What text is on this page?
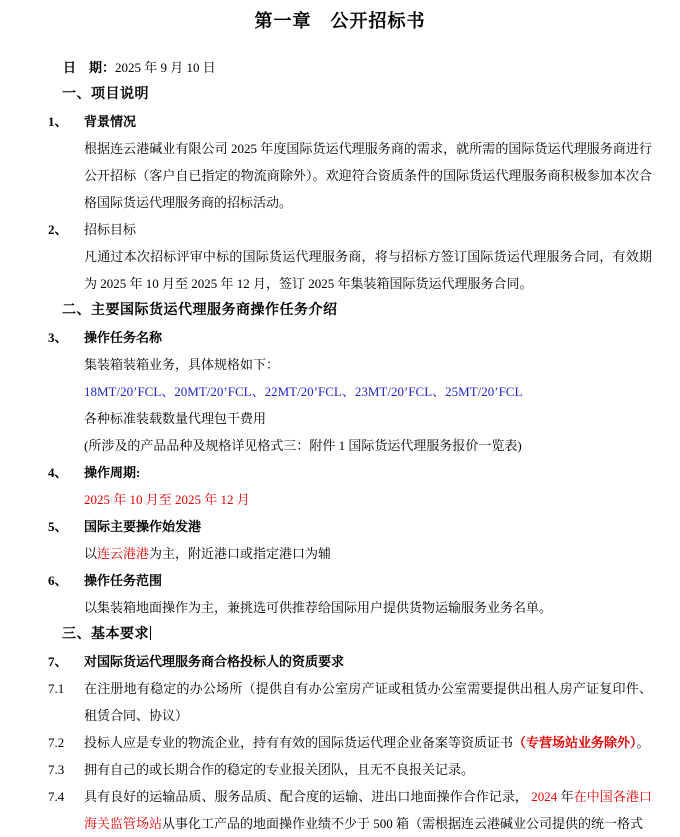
第一章　公开招标书
日　期：2025 年 9 月 10 日
一、项目说明
1、 背景情况

根据连云港碱业有限公司 2025 年度国际货运代理服务商的需求，就所需的国际货运代理服务商进行公开招标（客户自已指定的物流商除外）。欢迎符合资质条件的国际货运代理服务商积极参加本次合格国际货运代理服务商的招标活动。

2、 招标目标

凡通过本次招标评审中标的国际货运代理服务商，将与招标方签订国际货运代理服务合同，有效期为 2025 年 10 月至 2025 年 12 月，签订 2025 年集装箱国际货运代理服务合同。

二、主要国际货运代理服务商操作任务介绍
3、 操作任务名称

集装箱装箱业务，具体规格如下：

18MT/20’FCL、20MT/20’FCL、22MT/20’FCL、23MT/20’FCL、25MT/20’FCL

各种标准装载数量代理包干费用

(所涉及的产品品种及规格详见格式三：附件 1 国际货运代理服务报价一览表)

4、 操作周期:

2025 年 10 月至 2025 年 12 月

5、 国际主要操作始发港

以连云港港为主，附近港口或指定港口为辅

6、 操作任务范围

以集装箱地面操作为主，兼挑选可供推荐给国际用户提供货物运输服务业务名单。

三、基本要求
7、 对国际货运代理服务商合格投标人的资质要求

7.1 在注册地有稳定的办公场所（提供自有办公室房产证或租赁办公室需要提供出租人房产证复印件、租赁合同、协议）

7.2 投标人应是专业的物流企业，持有有效的国际货运代理企业备案等资质证书（专营场站业务除外）。

7.3 拥有自己的或长期合作的稳定的专业报关团队，且无不良报关记录。

7.4 具有良好的运输品质、服务品质、配合度的运输、进出口地面操作合作记录， 2024 年在中国各港口海关监管场站从事化工产品的地面操作业绩不少于 500 箱（需根据连云港碱业公司提供的统一格式
